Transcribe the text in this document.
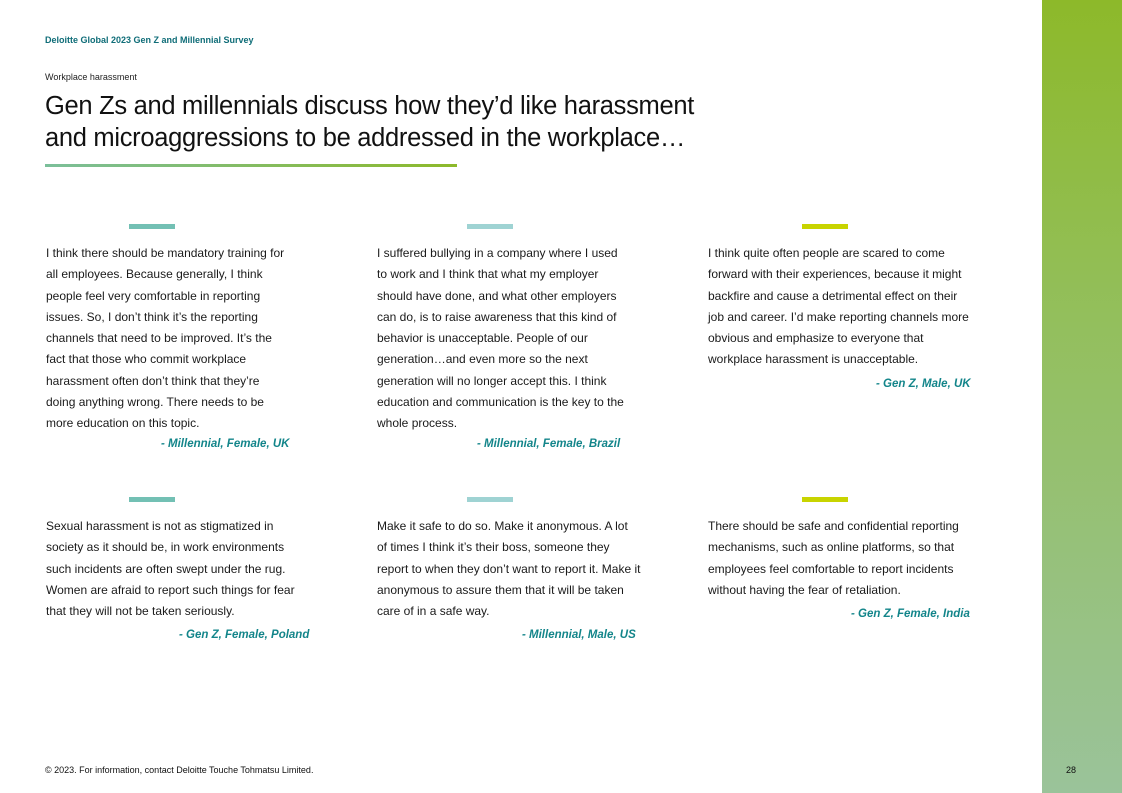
Deloitte Global 2023 Gen Z and Millennial Survey
Workplace harassment
Gen Zs and millennials discuss how they’d like harassment
and microaggressions to be addressed in the workplace…

I think there should be mandatory training for all employees. Because generally, I think people feel very comfortable in reporting issues. So, I don’t think it’s the reporting channels that need to be improved. It’s the fact that those who commit workplace harassment often don’t think that they’re doing anything wrong. There needs to be more education on this topic.

- Millennial, Female, UK

I suffered bullying in a company where I used to work and I think that what my employer should have done, and what other employers can do, is to raise awareness that this kind of behavior is unacceptable. People of our generation…and even more so the next generation will no longer accept this. I think education and communication is the key to the whole process.

- Millennial, Female, Brazil

I think quite often people are scared to come forward with their experiences, because it might backfire and cause a detrimental effect on their job and career. I’d make reporting channels more obvious and emphasize to everyone that workplace harassment is unacceptable.

- Gen Z, Male, UK

Sexual harassment is not as stigmatized in society as it should be, in work environments such incidents are often swept under the rug. Women are afraid to report such things for fear that they will not be taken seriously.

- Gen Z, Female, Poland

Make it safe to do so. Make it anonymous. A lot of times I think it’s their boss, someone they report to when they don’t want to report it. Make it anonymous to assure them that it will be taken care of in a safe way.

- Millennial, Male, US

There should be safe and confidential reporting mechanisms, such as online platforms, so that employees feel comfortable to report incidents without having the fear of retaliation.

- Gen Z, Female, India
© 2023. For information, contact Deloitte Touche Tohmatsu Limited.	28
